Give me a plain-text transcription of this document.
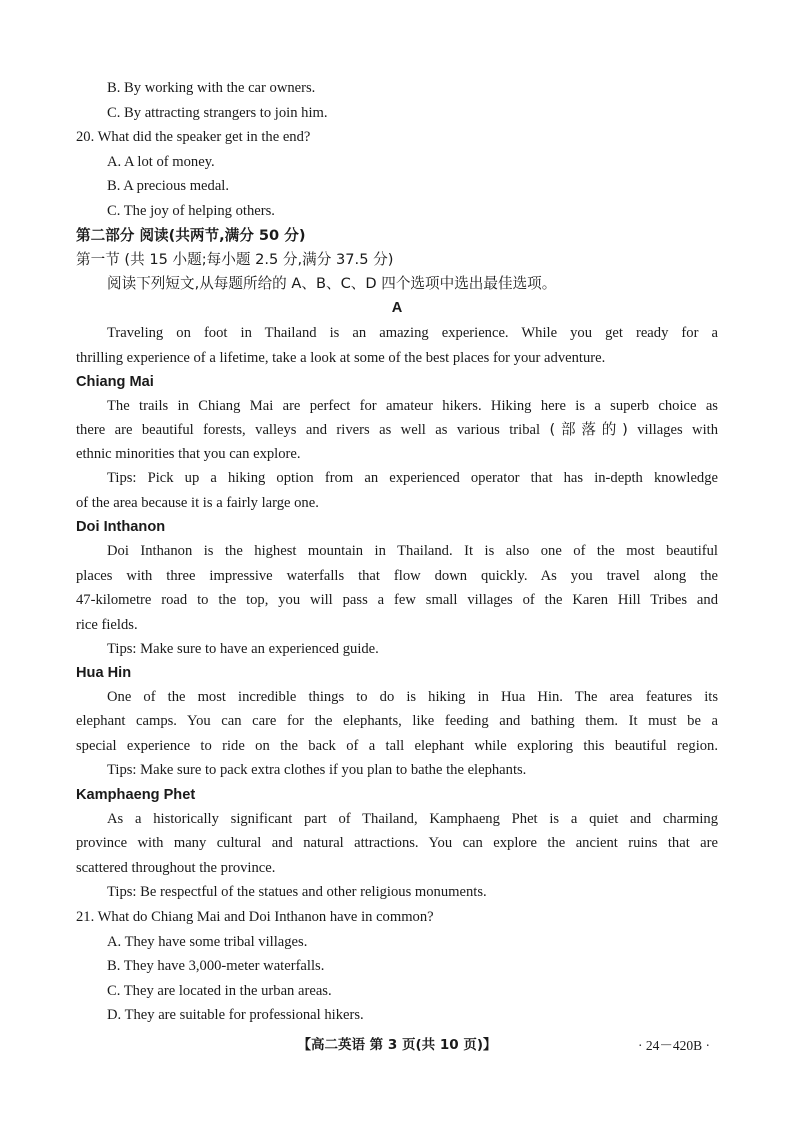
B. By working with the car owners.
C. By attracting strangers to join him.
20. What did the speaker get in the end?
A. A lot of money.
B. A precious medal.
C. The joy of helping others.
第二部分 阅读(共两节,满分 50 分)
第一节 (共 15 小题;每小题 2.5 分,满分 37.5 分)
阅读下列短文,从每题所给的 A、B、C、D 四个选项中选出最佳选项。
A
Traveling on foot in Thailand is an amazing experience. While you get ready for a
thrilling experience of a lifetime, take a look at some of the best places for your adventure.
Chiang Mai
The trails in Chiang Mai are perfect for amateur hikers. Hiking here is a superb choice as
there are beautiful forests, valleys and rivers as well as various tribal (部落的) villages with
ethnic minorities that you can explore.
Tips: Pick up a hiking option from an experienced operator that has in-depth knowledge
of the area because it is a fairly large one.
Doi Inthanon
Doi Inthanon is the highest mountain in Thailand. It is also one of the most beautiful
places with three impressive waterfalls that flow down quickly. As you travel along the
47-kilometre road to the top, you will pass a few small villages of the Karen Hill Tribes and
rice fields.
Tips: Make sure to have an experienced guide.
Hua Hin
One of the most incredible things to do is hiking in Hua Hin. The area features its
elephant camps. You can care for the elephants, like feeding and bathing them. It must be a
special experience to ride on the back of a tall elephant while exploring this beautiful region.
Tips: Make sure to pack extra clothes if you plan to bathe the elephants.
Kamphaeng Phet
As a historically significant part of Thailand, Kamphaeng Phet is a quiet and charming
province with many cultural and natural attractions. You can explore the ancient ruins that are
scattered throughout the province.
Tips: Be respectful of the statues and other religious monuments.
21. What do Chiang Mai and Doi Inthanon have in common?
A. They have some tribal villages.
B. They have 3,000-meter waterfalls.
C. They are located in the urban areas.
D. They are suitable for professional hikers.
【高二英语 第 3 页(共 10 页)】	· 24－420B ·
